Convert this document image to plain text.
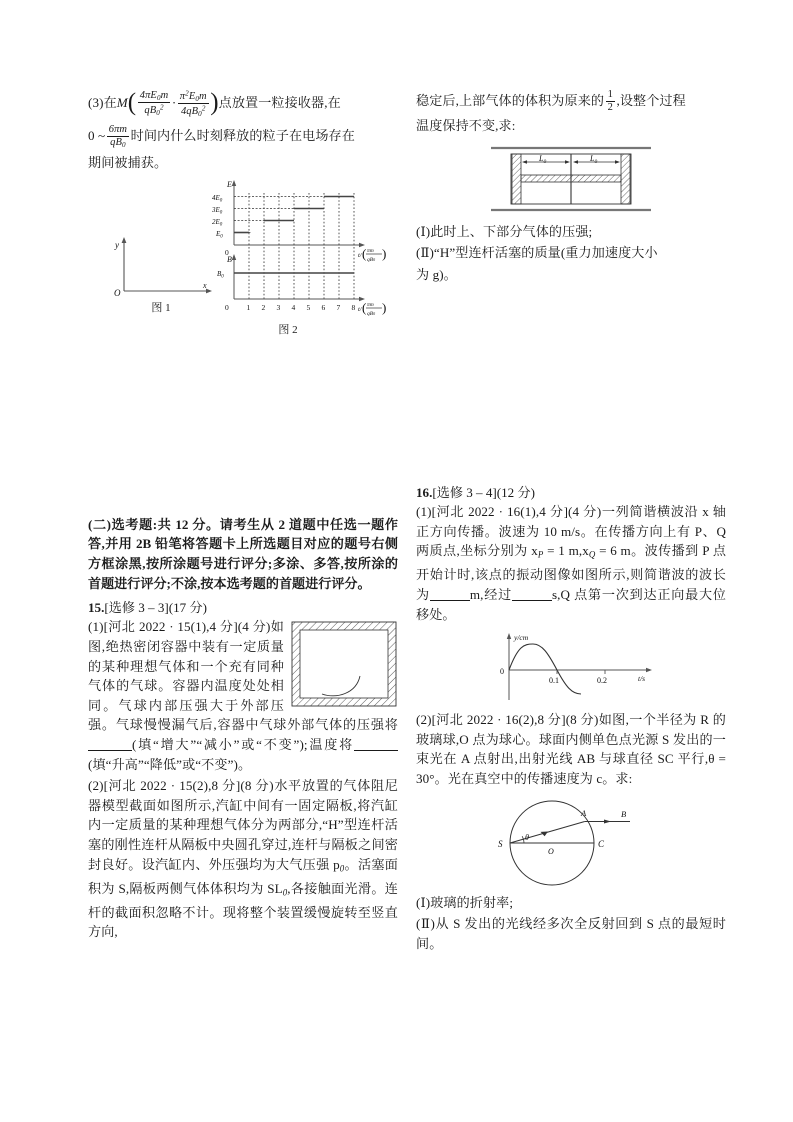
(3)在$M( \frac{4\pi E_0m}{qB_0^2} \cdot \frac{\pi^2E_0m}{4qB_0^2}$ )点放置一粒接收器,在

0 ~ $\frac{6\pi m}{qB_0}$ 时间内什么时刻释放的粒子在电场存在

期间被捕获。

y
x
O
图 1
E
$E_0$
$2E_0$
$3E_0$
$4E_0$
0	t/
πm
qB0
( )
B
$B_0$
0 1 2 3 4 5 6 7 8 t/
πm
qB0
( )
图 2

(二)选考题:共 12 分。请考生从 2 道题中任选一题作答,并用 2B 铅笔将答题卡上所选题目对应的题号右侧方框涂黑,按所涂题号进行评分;多涂、多答,按所涂的首题进行评分;不涂,按本选考题的首题进行评分。

15.[选修 3 – 3](17 分)

(1)[河北 2022 · 15(1),4 分](4 分)如图,绝热密闭容器中装有一定质量的某种理想气体和一个充有同种气体的气球。容器内温度处处相同。气球内部压强大于外部压强。气球慢慢漏气后,容器中气球外部气体的压强将(填“增大”“减小”或“不变”);温度将(填“升高”“降低”或“不变”)。

(2)[河北 2022 · 15(2),8 分](8 分)水平放置的气体阻尼器模型截面如图所示,汽缸中间有一固定隔板,将汽缸内一定质量的某种理想气体分为两部分,“H”型连杆活塞的刚性连杆从隔板中央圆孔穿过,连杆与隔板之间密封良好。设汽缸内、外压强均为大气压强 $p_0$。活塞面积为 S,隔板两侧气体体积均为 $SL_0$,各接触面光滑。连杆的截面积忽略不计。现将整个装置缓慢旋转至竖直方向,

稳定后,上部气体的体积为原来的 $\frac{1}{2}$ ,设整个过程

温度保持不变,求:

$L_0$	$L_0$

(Ⅰ)此时上、下部分气体的压强;

(Ⅱ)“H”型连杆活塞的质量(重力加速度大小

为 g)。

16.[选修 3 – 4](12 分)

(1)[河北 2022 · 16(1),4 分](4 分)一列简谐横波沿 x 轴正方向传播。波速为 10 m/s。在传播方向上有 P、Q 两质点,坐标分别为 $x_P = 1$ $m,x_Q = 6$ m。波传播到 P 点开始计时,该点的振动图像如图所示,则简谐波的波长为	m,经过	s,Q 点第一次到达正向最大位移处。

y/cm
t/s
0
0.1	0.2

(2)[河北 2022 · 16(2),8 分](8 分)如图,一个半径为 R 的玻璃球,O 点为球心。球面内侧单色点光源 S 发出的一束光在 A 点射出,出射光线 AB 与球直径 SC 平行,θ = 30°。光在真空中的传播速度为 c。求:

S
O
C
A	B
θ

(Ⅰ)玻璃的折射率;

(Ⅱ)从 S 发出的光线经多次全反射回到 S 点的最短时间。
